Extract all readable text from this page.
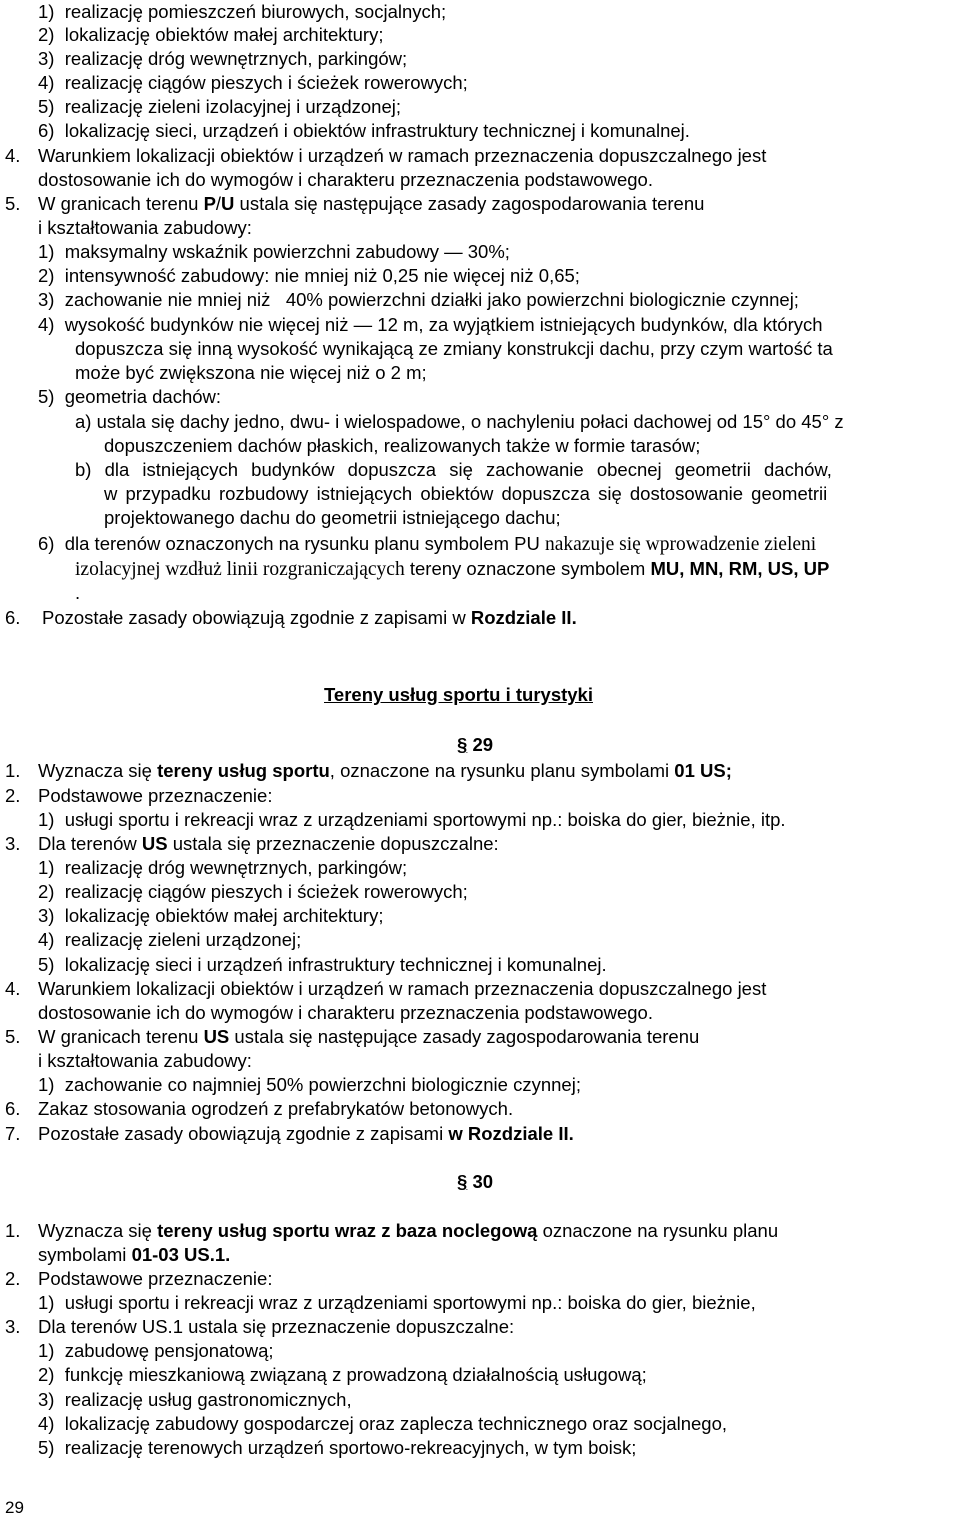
1)  realizację pomieszczeń biurowych, socjalnych;
2)  lokalizację obiektów małej architektury;
3)  realizację dróg wewnętrznych, parkingów;
4)  realizację ciągów pieszych i ścieżek rowerowych;
5)  realizację zieleni izolacyjnej i urządzonej;
6)  lokalizację sieci, urządzeń i obiektów infrastruktury technicznej i komunalnej.
4. Warunkiem lokalizacji obiektów i urządzeń w ramach przeznaczenia dopuszczalnego jest
dostosowanie ich do wymogów i charakteru przeznaczenia podstawowego.
5. W granicach terenu P/U ustala się następujące zasady zagospodarowania terenu
i kształtowania zabudowy:
1)  maksymalny wskaźnik powierzchni zabudowy — 30%;
2)  intensywność zabudowy: nie mniej niż 0,25 nie więcej niż 0,65;
3)  zachowanie nie mniej niż   40% powierzchni działki jako powierzchni biologicznie czynnej;
4)  wysokość budynków nie więcej niż — 12 m, za wyjątkiem istniejących budynków, dla których
dopuszcza się inną wysokość wynikającą ze zmiany konstrukcji dachu, przy czym wartość ta
może być zwiększona nie więcej niż o 2 m;
5)  geometria dachów:
a) ustala się dachy jedno, dwu- i wielospadowe, o nachyleniu połaci dachowej od 15° do 45° z
dopuszczeniem dachów płaskich, realizowanych także w formie tarasów;
b) dla istniejących budynków dopuszcza się zachowanie obecnej geometrii dachów,
w przypadku rozbudowy istniejących obiektów dopuszcza się dostosowanie geometrii
projektowanego dachu do geometrii istniejącego dachu;
6)  dla terenów oznaczonych na rysunku planu symbolem PU nakazuje się wprowadzenie zieleni
izolacyjnej wzdłuż linii rozgraniczających tereny oznaczone symbolem MU, MN, RM, US, UP
.
6. Pozostałe zasady obowiązują zgodnie z zapisami w Rozdziale II.
Tereny usług sportu i turystyki
§ 29
1. Wyznacza się tereny usług sportu, oznaczone na rysunku planu symbolami 01 US;
2. Podstawowe przeznaczenie:
1)  usługi sportu i rekreacji wraz z urządzeniami sportowymi np.: boiska do gier, bieżnie, itp.
3. Dla terenów US ustala się przeznaczenie dopuszczalne:
1)  realizację dróg wewnętrznych, parkingów;
2)  realizację ciągów pieszych i ścieżek rowerowych;
3)  lokalizację obiektów małej architektury;
4)  realizację zieleni urządzonej;
5)  lokalizację sieci i urządzeń infrastruktury technicznej i komunalnej.
4. Warunkiem lokalizacji obiektów i urządzeń w ramach przeznaczenia dopuszczalnego jest
dostosowanie ich do wymogów i charakteru przeznaczenia podstawowego.
5. W granicach terenu US ustala się następujące zasady zagospodarowania terenu
i kształtowania zabudowy:
1)  zachowanie co najmniej 50% powierzchni biologicznie czynnej;
6. Zakaz stosowania ogrodzeń z prefabrykatów betonowych.
7. Pozostałe zasady obowiązują zgodnie z zapisami w Rozdziale II.
§ 30
1. Wyznacza się tereny usług sportu wraz z baza noclegową oznaczone na rysunku planu
symbolami 01-03 US.1.
2. Podstawowe przeznaczenie:
1)  usługi sportu i rekreacji wraz z urządzeniami sportowymi np.: boiska do gier, bieżnie,
3. Dla terenów US.1 ustala się przeznaczenie dopuszczalne:
1)  zabudowę pensjonatową;
2)  funkcję mieszkaniową związaną z prowadzoną działalnością usługową;
3)  realizację usług gastronomicznych,
4)  lokalizację zabudowy gospodarczej oraz zaplecza technicznego oraz socjalnego,
5)  realizację terenowych urządzeń sportowo-rekreacyjnych, w tym boisk;
29
